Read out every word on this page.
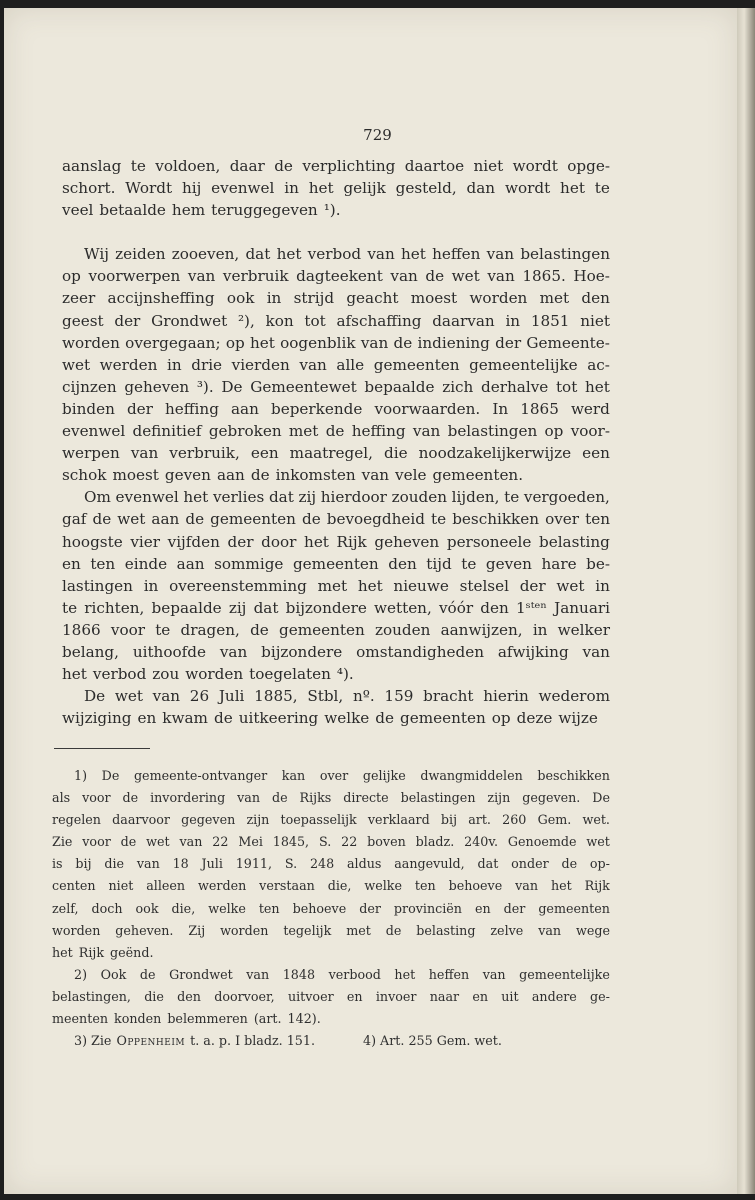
729
aanslag te voldoen, daar de verplichting daartoe niet wordt opge-
schort. Wordt hij evenwel in het gelijk gesteld, dan wordt het te
veel betaalde hem teruggegeven ¹).
Wij zeiden zooeven, dat het verbod van het heffen van belastingen
op voorwerpen van verbruik dagteekent van de wet van 1865. Hoe-
zeer accijnsheffing ook in strijd geacht moest worden met den
geest der Grondwet ²), kon tot afschaffing daarvan in 1851 niet
worden overgegaan; op het oogenblik van de indiening der Gemeente-
wet werden in drie vierden van alle gemeenten gemeentelijke ac-
cijnzen geheven ³). De Gemeentewet bepaalde zich derhalve tot het
binden der heffing aan beperkende voorwaarden. In 1865 werd
evenwel definitief gebroken met de heffing van belastingen op voor-
werpen van verbruik, een maatregel, die noodzakelijkerwijze een
schok moest geven aan de inkomsten van vele gemeenten.
Om evenwel het verlies dat zij hierdoor zouden lijden, te vergoeden,
gaf de wet aan de gemeenten de bevoegdheid te beschikken over ten
hoogste vier vijfden der door het Rijk geheven personeele belasting
en ten einde aan sommige gemeenten den tijd te geven hare be-
lastingen in overeenstemming met het nieuwe stelsel der wet in
te richten, bepaalde zij dat bijzondere wetten, vóór den 1ˢᵗᵉⁿ Januari
1866 voor te dragen, de gemeenten zouden aanwijzen, in welker
belang, uithoofde van bijzondere omstandigheden afwijking van
het verbod zou worden toegelaten ⁴).
De wet van 26 Juli 1885, Stbl, nº. 159 bracht hierin wederom
wijziging en kwam de uitkeering welke de gemeenten op deze wijze
1) De gemeente-ontvanger kan over gelijke dwangmiddelen beschikken
als voor de invordering van de Rijks directe belastingen zijn gegeven. De
regelen daarvoor gegeven zijn toepasselijk verklaard bij art. 260 Gem. wet.
Zie voor de wet van 22 Mei 1845, S. 22 boven bladz. 240v. Genoemde wet
is bij die van 18 Juli 1911, S. 248 aldus aangevuld, dat onder de op-
centen niet alleen werden verstaan die, welke ten behoeve van het Rijk
zelf, doch ook die, welke ten behoeve der provinciën en der gemeenten
worden geheven. Zij worden tegelijk met de belasting zelve van wege
het Rijk geënd.
2) Ook de Grondwet van 1848 verbood het heffen van gemeentelijke
belastingen, die den doorvoer, uitvoer en invoer naar en uit andere ge-
meenten konden belemmeren (art. 142).
3) Zie Oppenheim t. a. p. I bladz. 151.	4) Art. 255 Gem. wet.
